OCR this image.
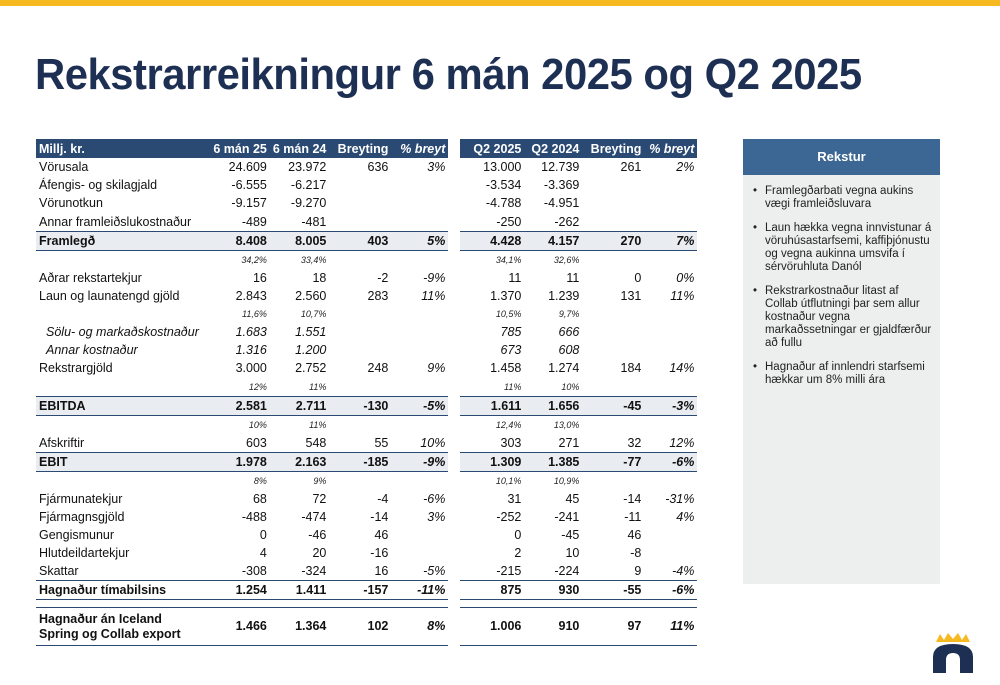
Rekstrarreikningur 6 mán 2025 og Q2 2025
Millj. kr.	6 mán 25	6 mán 24	Breyting	% breyt		Q2 2025	Q2 2024	Breyting	% breyt
Vörusala	24.609	23.972	636	3%		13.000	12.739	261	2%
Áfengis- og skilagjald	-6.555	-6.217				-3.534	-3.369		
Vörunotkun	-9.157	-9.270				-4.788	-4.951		
Annar framleiðslukostnaður	-489	-481				-250	-262		
Framlegð	8.408	8.005	403	5%		4.428	4.157	270	7%
	34,2%	33,4%				34,1%	32,6%		
Aðrar rekstartekjur	16	18	-2	-9%		11	11	0	0%
Laun og launatengd gjöld	2.843	2.560	283	11%		1.370	1.239	131	11%
	11,6%	10,7%				10,5%	9,7%		
Sölu- og markaðskostnaður	1.683	1.551				785	666		
Annar kostnaður	1.316	1.200				673	608		
Rekstrargjöld	3.000	2.752	248	9%		1.458	1.274	184	14%
	12%	11%				11%	10%		
EBITDA	2.581	2.711	-130	-5%		1.611	1.656	-45	-3%
	10%	11%				12,4%	13,0%		
Afskriftir	603	548	55	10%		303	271	32	12%
EBIT	1.978	2.163	-185	-9%		1.309	1.385	-77	-6%
	8%	9%				10,1%	10,9%		
Fjármunatekjur	68	72	-4	-6%		31	45	-14	-31%
Fjármagnsgjöld	-488	-474	-14	3%		-252	-241	-11	4%
Gengismunur	0	-46	46			0	-45	46	
Hlutdeildartekjur	4	20	-16			2	10	-8	
Skattar	-308	-324	16	-5%		-215	-224	9	-4%
Hagnaður tímabilsins	1.254	1.411	-157	-11%		875	930	-55	-6%

Hagnaður án Iceland Spring og Collab export	1.466	1.364	102	8%		1.006	910	97	11%
Rekstur
• Framlegðarbati vegna aukins vægi framleiðsluvara
• Laun hækka vegna innvistunar á vöruhúsastarfsemi, kaffiþjónustu og vegna aukinna umsvifa í sérvöruhluta Danól
• Rekstrarkostnaður litast af Collab útflutningi þar sem allur kostnaður vegna markaðssetningar er gjaldfærður að fullu
• Hagnaður af innlendri starfsemi hækkar um 8% milli ára
